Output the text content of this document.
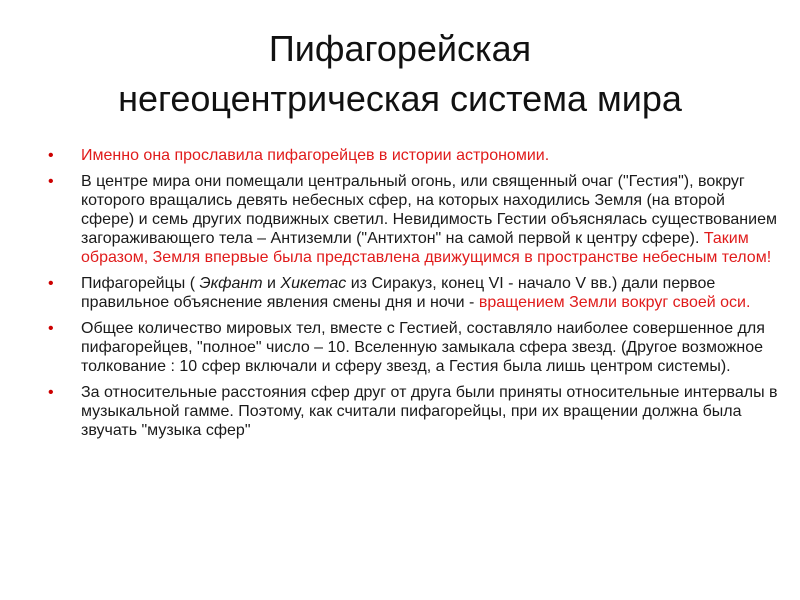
Пифагорейская
негеоцентрическая система мира
• Именно она прославила пифагорейцев в истории астрономии.
• В центре мира они помещали центральный огонь, или священный очаг ("Гестия"), вокруг которого вращались девять небесных сфер, на которых находились Земля (на второй сфере) и семь других подвижных светил. Невидимость Гестии объяснялась существованием загораживающего тела – Антиземли ("Антихтон" на самой первой к центру сфере). Таким образом, Земля впервые была представлена движущимся в пространстве небесным телом!
• Пифагорейцы ( Экфант и Хикетас из Сиракуз, конец VI - начало V вв.) дали первое правильное объяснение явления смены дня и ночи - вращением Земли вокруг своей оси.
• Общее количество мировых тел, вместе с Гестией, составляло наиболее совершенное для пифагорейцев, "полное" число – 10. Вселенную замыкала сфера звезд. (Другое возможное толкование : 10 сфер включали и сферу звезд, а Гестия была лишь центром системы).
• За относительные расстояния сфер друг от друга были приняты относительные интервалы в музыкальной гамме. Поэтому, как считали пифагорейцы, при их вращении должна была звучать "музыка сфер"
